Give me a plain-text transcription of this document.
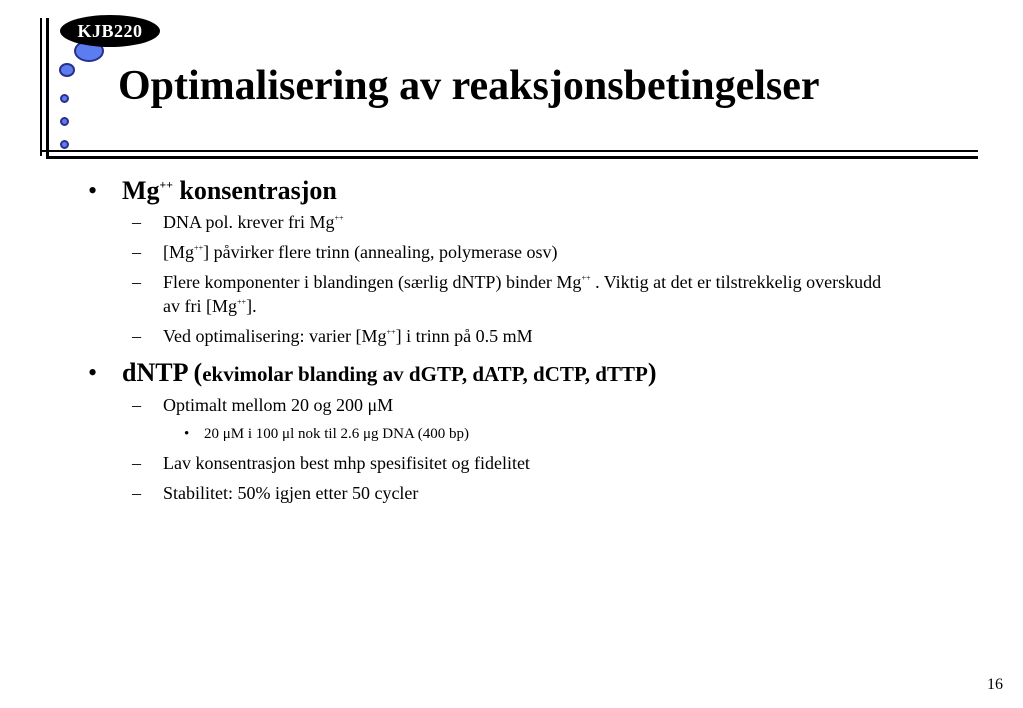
KJB220
Optimalisering av reaksjonsbetingelser
• Mg++ konsentrasjon
–	DNA pol. krever fri Mg++
–	[Mg++] påvirker flere trinn (annealing, polymerase osv)
–	Flere komponenter i blandingen (særlig dNTP) binder Mg++ . Viktig at det er tilstrekkelig overskudd av fri [Mg++].
–	Ved optimalisering: varier [Mg++] i trinn på 0.5 mM
• dNTP (ekvimolar blanding av dGTP, dATP, dCTP, dTTP)
–	Optimalt mellom 20 og 200 μM
• 20 μM i 100 μl nok til 2.6 μg DNA (400 bp)
–	Lav konsentrasjon best mhp spesifisitet og fidelitet
–	Stabilitet: 50% igjen etter 50 cycler
16
